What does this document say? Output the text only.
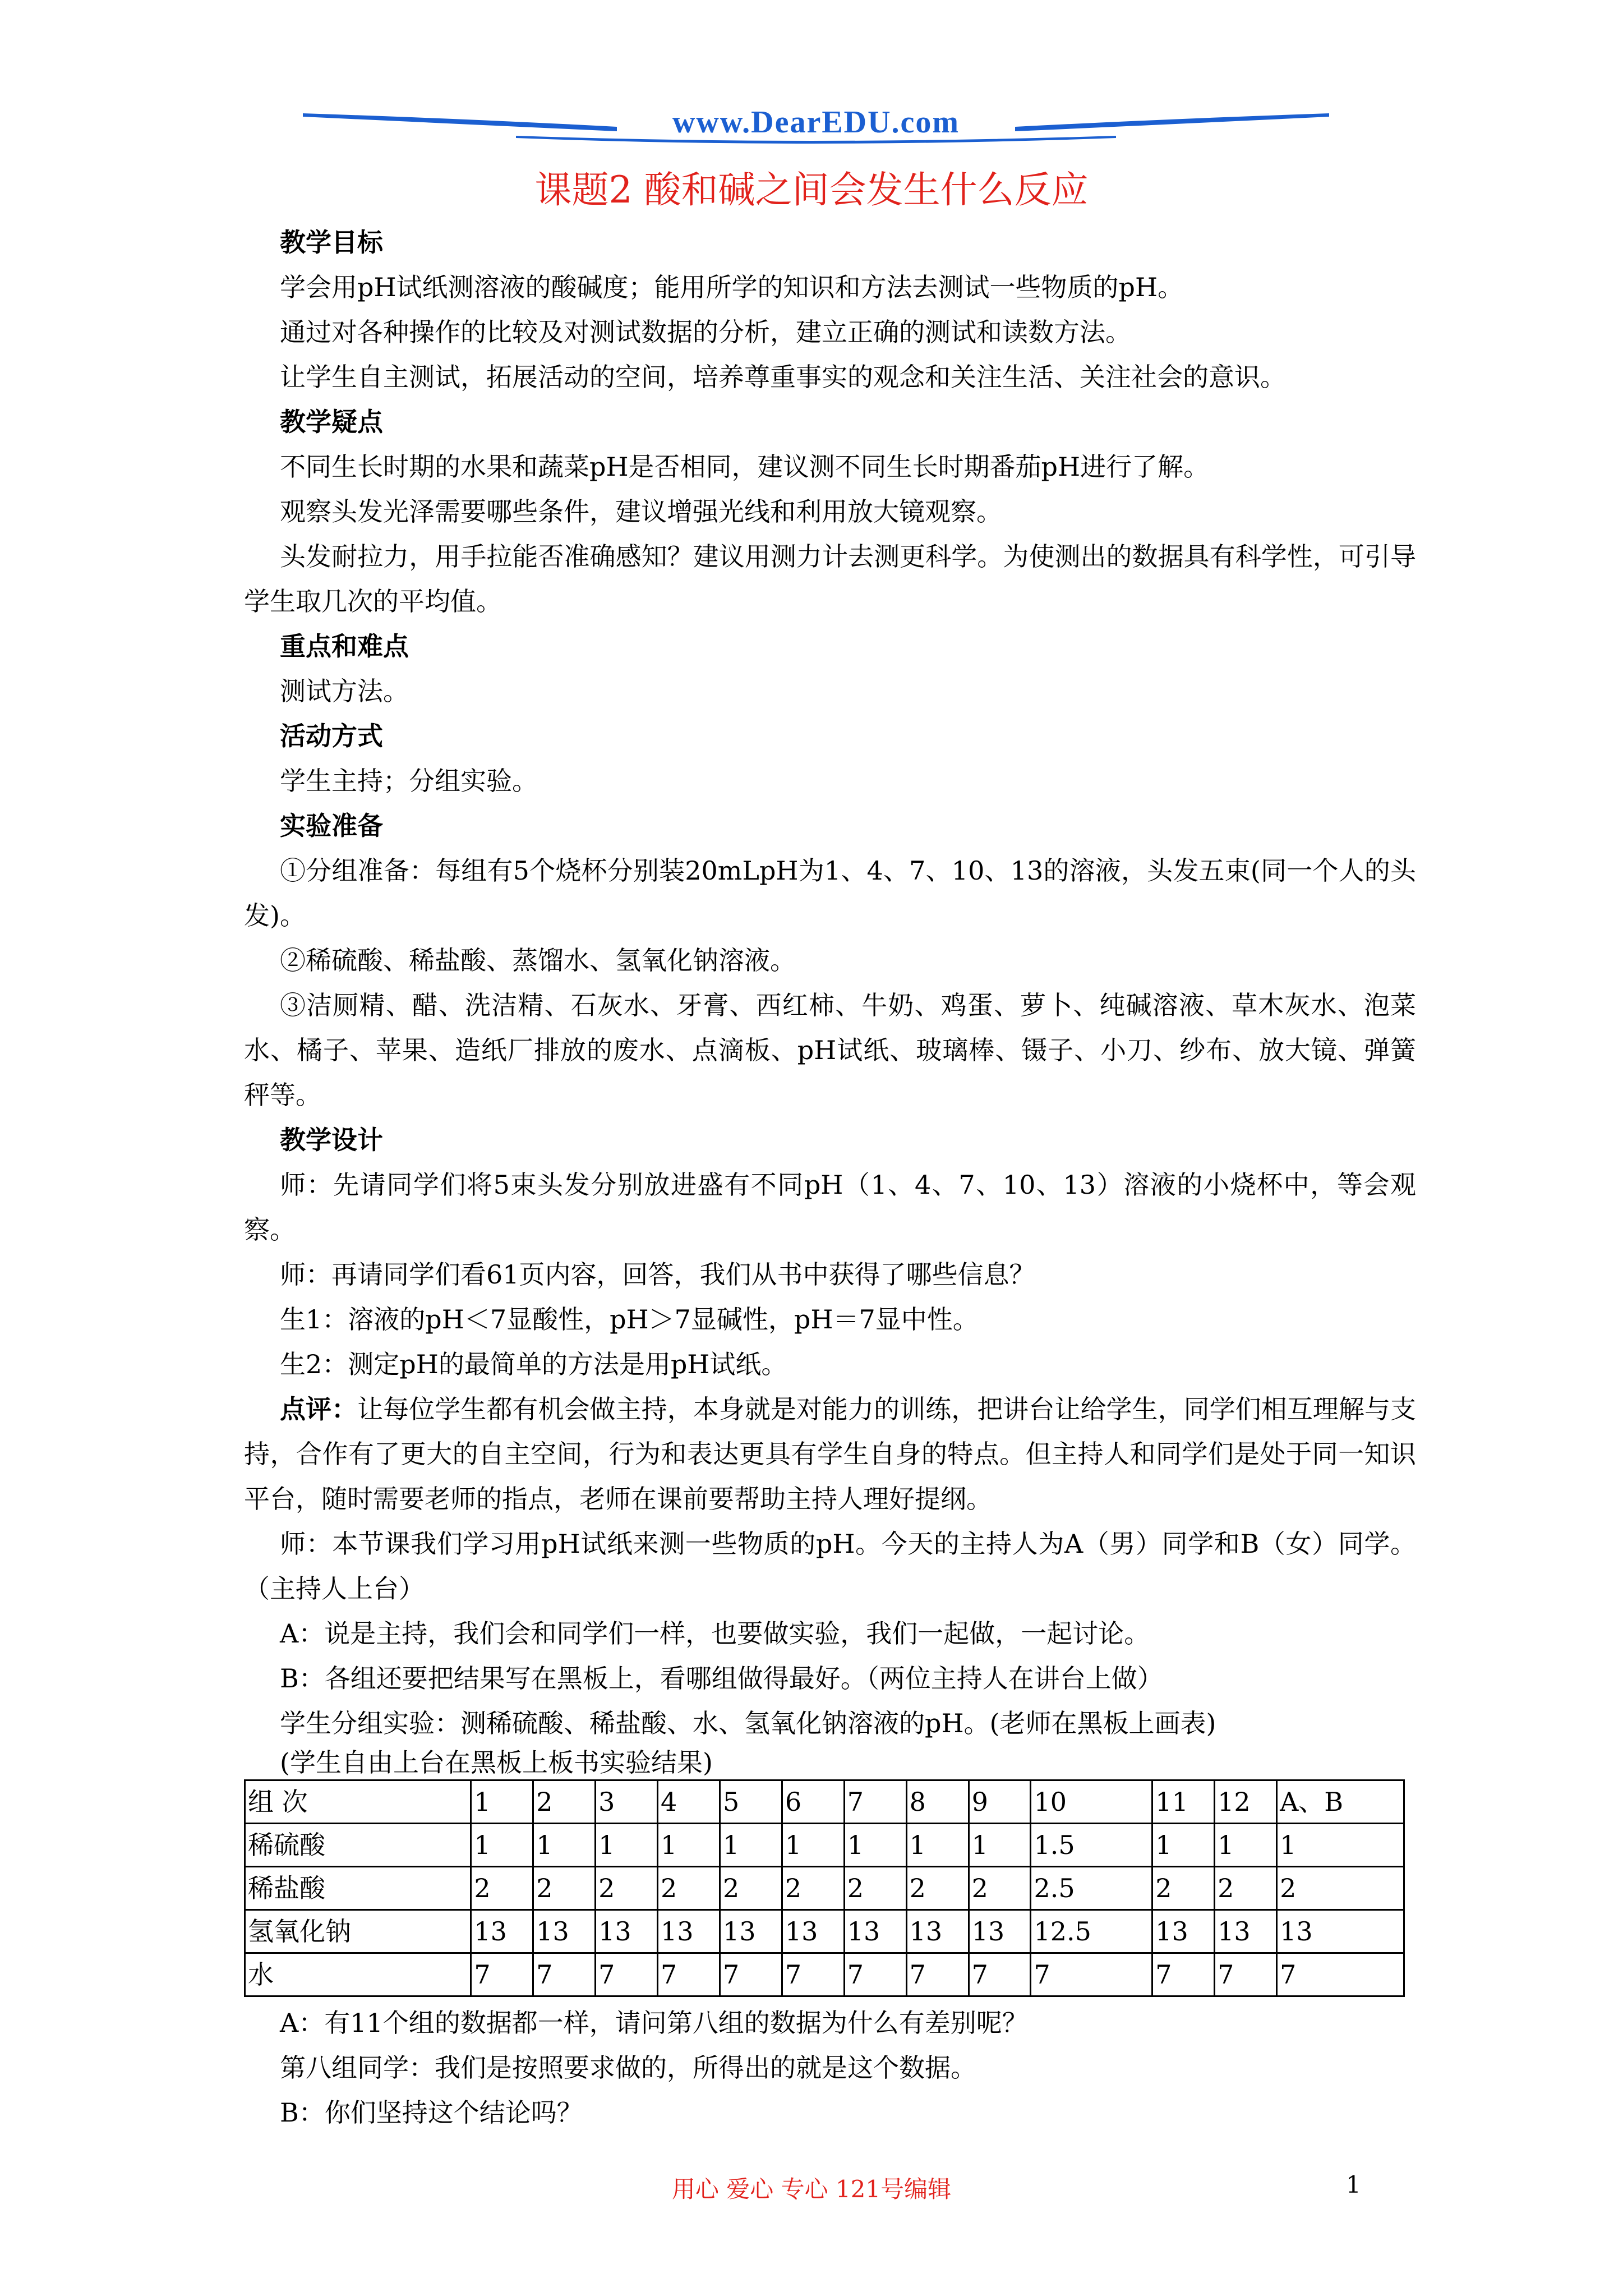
www.DearEDU.com
课题2 酸和碱之间会发生什么反应

教学目标

学会用pH试纸测溶液的酸碱度；能用所学的知识和方法去测试一些物质的pH。

通过对各种操作的比较及对测试数据的分析，建立正确的测试和读数方法。

让学生自主测试，拓展活动的空间，培养尊重事实的观念和关注生活、关注社会的意识。

教学疑点

不同生长时期的水果和蔬菜pH是否相同，建议测不同生长时期番茄pH进行了解。

观察头发光泽需要哪些条件，建议增强光线和利用放大镜观察。

头发耐拉力，用手拉能否准确感知？建议用测力计去测更科学。为使测出的数据具有科学性，可引导学生取几次的平均值。

重点和难点

测试方法。

活动方式

学生主持；分组实验。

实验准备

①分组准备：每组有5个烧杯分别装20mLpH为1、4、7、10、13的溶液，头发五束(同一个人的头发)。

②稀硫酸、稀盐酸、蒸馏水、氢氧化钠溶液。

③洁厕精、醋、洗洁精、石灰水、牙膏、西红柿、牛奶、鸡蛋、萝卜、纯碱溶液、草木灰水、泡菜水、橘子、苹果、造纸厂排放的废水、点滴板、pH试纸、玻璃棒、镊子、小刀、纱布、放大镜、弹簧秤等。

教学设计

师：先请同学们将5束头发分别放进盛有不同pH（1、4、7、10、13）溶液的小烧杯中，等会观察。

师：再请同学们看61页内容，回答，我们从书中获得了哪些信息？

生1：溶液的pH＜7显酸性，pH＞7显碱性，pH＝7显中性。

生2：测定pH的最简单的方法是用pH试纸。

点评：让每位学生都有机会做主持，本身就是对能力的训练，把讲台让给学生，同学们相互理解与支持，合作有了更大的自主空间，行为和表达更具有学生自身的特点。但主持人和同学们是处于同一知识平台，随时需要老师的指点，老师在课前要帮助主持人理好提纲。

师：本节课我们学习用pH试纸来测一些物质的pH。今天的主持人为A（男）同学和B（女）同学。（主持人上台）

A：说是主持，我们会和同学们一样，也要做实验，我们一起做，一起讨论。

B：各组还要把结果写在黑板上，看哪组做得最好。（两位主持人在讲台上做）

学生分组实验：测稀硫酸、稀盐酸、水、氢氧化钠溶液的pH。(老师在黑板上画表)

(学生自由上台在黑板上板书实验结果)

组 次	1	2	3	4	5	6	7	8	9	10	11	12	A、B
稀硫酸	1	1	1	1	1	1	1	1	1	1.5	1	1	1
稀盐酸	2	2	2	2	2	2	2	2	2	2.5	2	2	2
氢氧化钠	13	13	13	13	13	13	13	13	13	12.5	13	13	13
水	7	7	7	7	7	7	7	7	7	7	7	7	7

A：有11个组的数据都一样，请问第八组的数据为什么有差别呢？

第八组同学：我们是按照要求做的，所得出的就是这个数据。

B：你们坚持这个结论吗？

用心 爱心 专心 121号编辑	1
